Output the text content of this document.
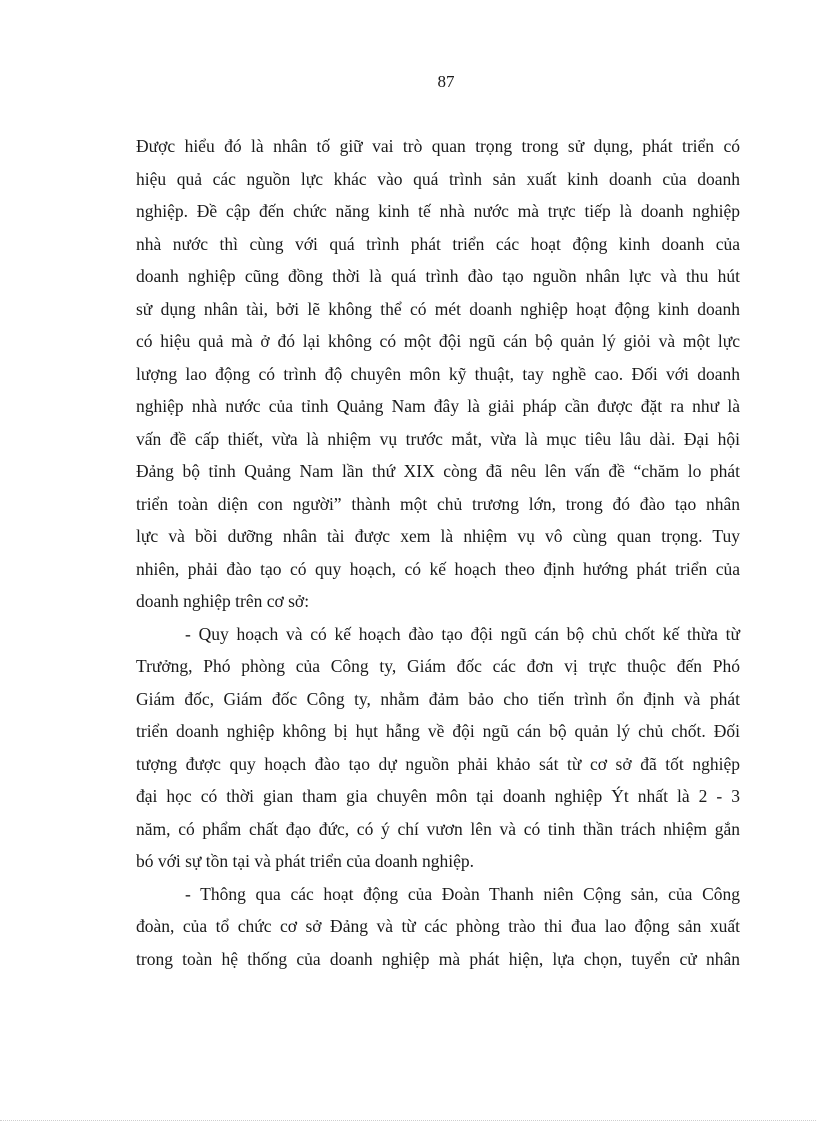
87
Được hiểu đó là nhân tố giữ vai trò quan trọng trong sử dụng, phát triển có
hiệu quả các nguồn lực khác vào quá trình sản xuất kinh doanh của doanh
nghiệp. Đề cập đến chức năng kinh tế nhà nước mà trực tiếp là doanh nghiệp
nhà nước thì cùng với quá trình phát triển các hoạt động kinh doanh của
doanh nghiệp cũng đồng thời là quá trình đào tạo nguồn nhân lực và thu hút
sử dụng nhân tài, bởi lẽ không thể có mét doanh nghiệp hoạt động kinh doanh
có hiệu quả mà ở đó lại không có một đội ngũ cán bộ quản lý giỏi và một lực
lượng lao động có trình độ chuyên môn kỹ thuật, tay nghề cao. Đối với doanh
nghiệp nhà nước của tỉnh Quảng Nam đây là giải pháp cần được đặt ra như là
vấn đề cấp thiết, vừa là nhiệm vụ trước mắt, vừa là mục tiêu lâu dài. Đại hội
Đảng bộ tỉnh Quảng Nam lần thứ XIX còng đã nêu lên vấn đề “chăm lo phát
triển toàn diện con người” thành một chủ trương lớn, trong đó đào tạo nhân
lực và bồi dưỡng nhân tài được xem là nhiệm vụ vô cùng quan trọng. Tuy
nhiên, phải đào tạo có quy hoạch, có kế hoạch theo định hướng phát triển của
doanh nghiệp trên cơ sở:
- Quy hoạch và có kế hoạch đào tạo đội ngũ cán bộ chủ chốt kế thừa từ
Trưởng, Phó phòng của Công ty, Giám đốc các đơn vị trực thuộc đến Phó
Giám đốc, Giám đốc Công ty, nhằm đảm bảo cho tiến trình ổn định và phát
triển doanh nghiệp không bị hụt hẫng về đội ngũ cán bộ quản lý chủ chốt. Đối
tượng được quy hoạch đào tạo dự nguồn phải khảo sát từ cơ sở đã tốt nghiệp
đại học có thời gian tham gia chuyên môn tại doanh nghiệp Ýt nhất là 2 - 3
năm, có phẩm chất đạo đức, có ý chí vươn lên và có tinh thần trách nhiệm gắn
bó với sự tồn tại và phát triển của doanh nghiệp.
- Thông qua các hoạt động của Đoàn Thanh niên Cộng sản, của Công
đoàn, của tổ chức cơ sở Đảng và từ các phòng trào thi đua lao động sản xuất
trong toàn hệ thống của doanh nghiệp mà phát hiện, lựa chọn, tuyển cử nhân
